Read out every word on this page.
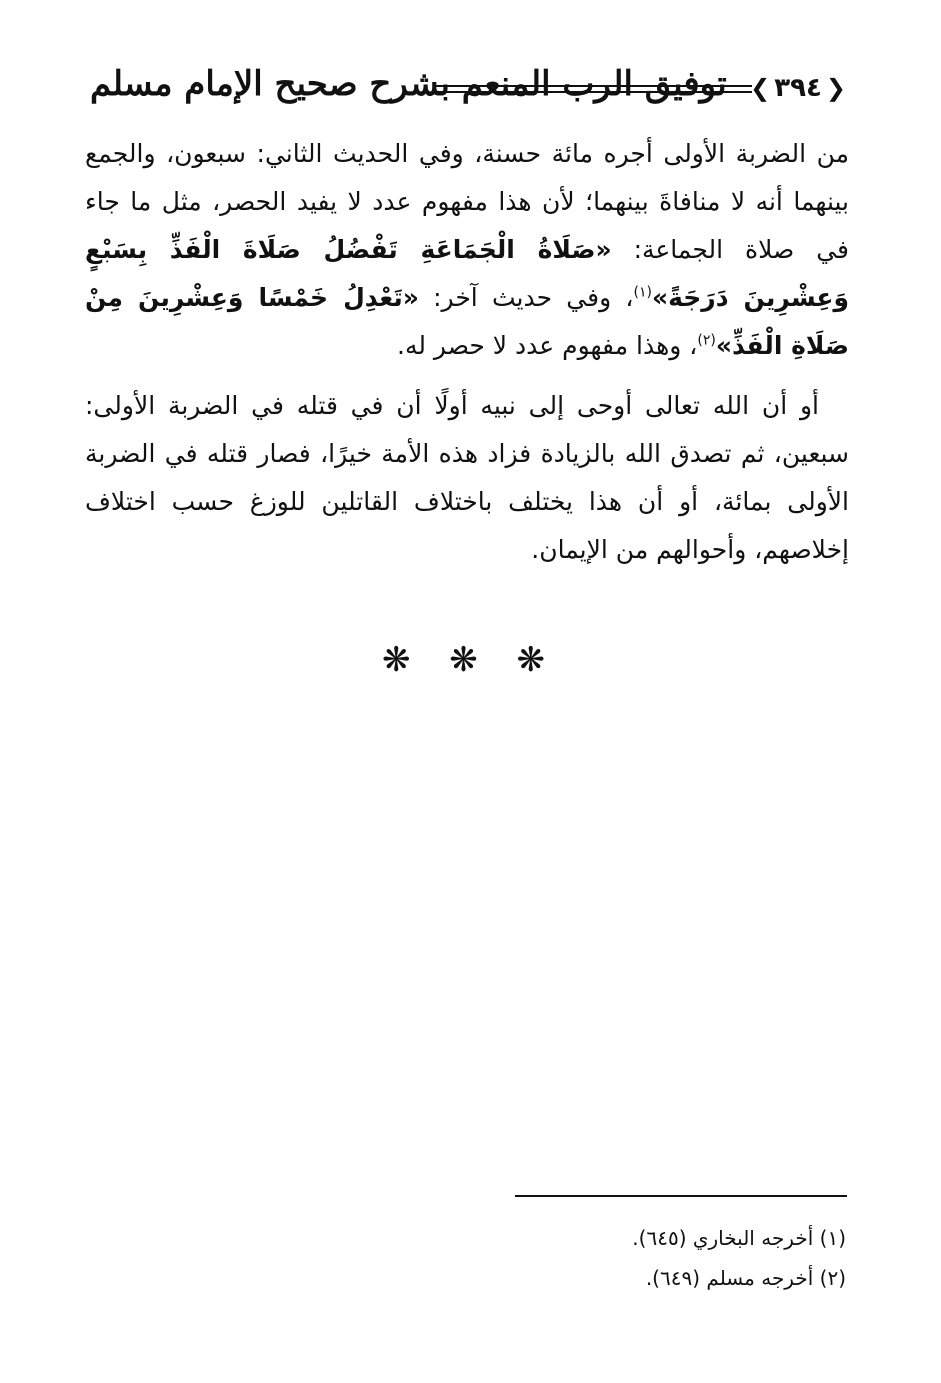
توفيق الرب المنعم بشرح صحيح الإمام مسلم ❮ ٣٩٤ ❯

من الضربة الأولى أجره مائة حسنة، وفي الحديث الثاني: سبعون، والجمع بينهما أنه لا منافاةَ بينهما؛ لأن هذا مفهوم عدد لا يفيد الحصر، مثل ما جاء في صلاة الجماعة: «صَلَاةُ الْجَمَاعَةِ تَفْضُلُ صَلَاةَ الْفَذِّ بِسَبْعٍ وَعِشْرِينَ دَرَجَةً»$^{(١)}$، وفي حديث آخر: «تَعْدِلُ خَمْسًا وَعِشْرِينَ مِنْ صَلَاةِ الْفَذِّ»$^{(٢)}$، وهذا مفهوم عدد لا حصر له.

أو أن الله تعالى أوحى إلى نبيه أولًا أن في قتله في الضربة الأولى: سبعين، ثم تصدق الله بالزيادة فزاد هذه الأمة خيرًا، فصار قتله في الضربة الأولى بمائة، أو أن هذا يختلف باختلاف القاتلين للوزغ حسب اختلاف إخلاصهم، وأحوالهم من الإيمان.

❋ ❋ ❋

(١) أخرجه البخاري (٦٤٥).

(٢) أخرجه مسلم (٦٤٩).
